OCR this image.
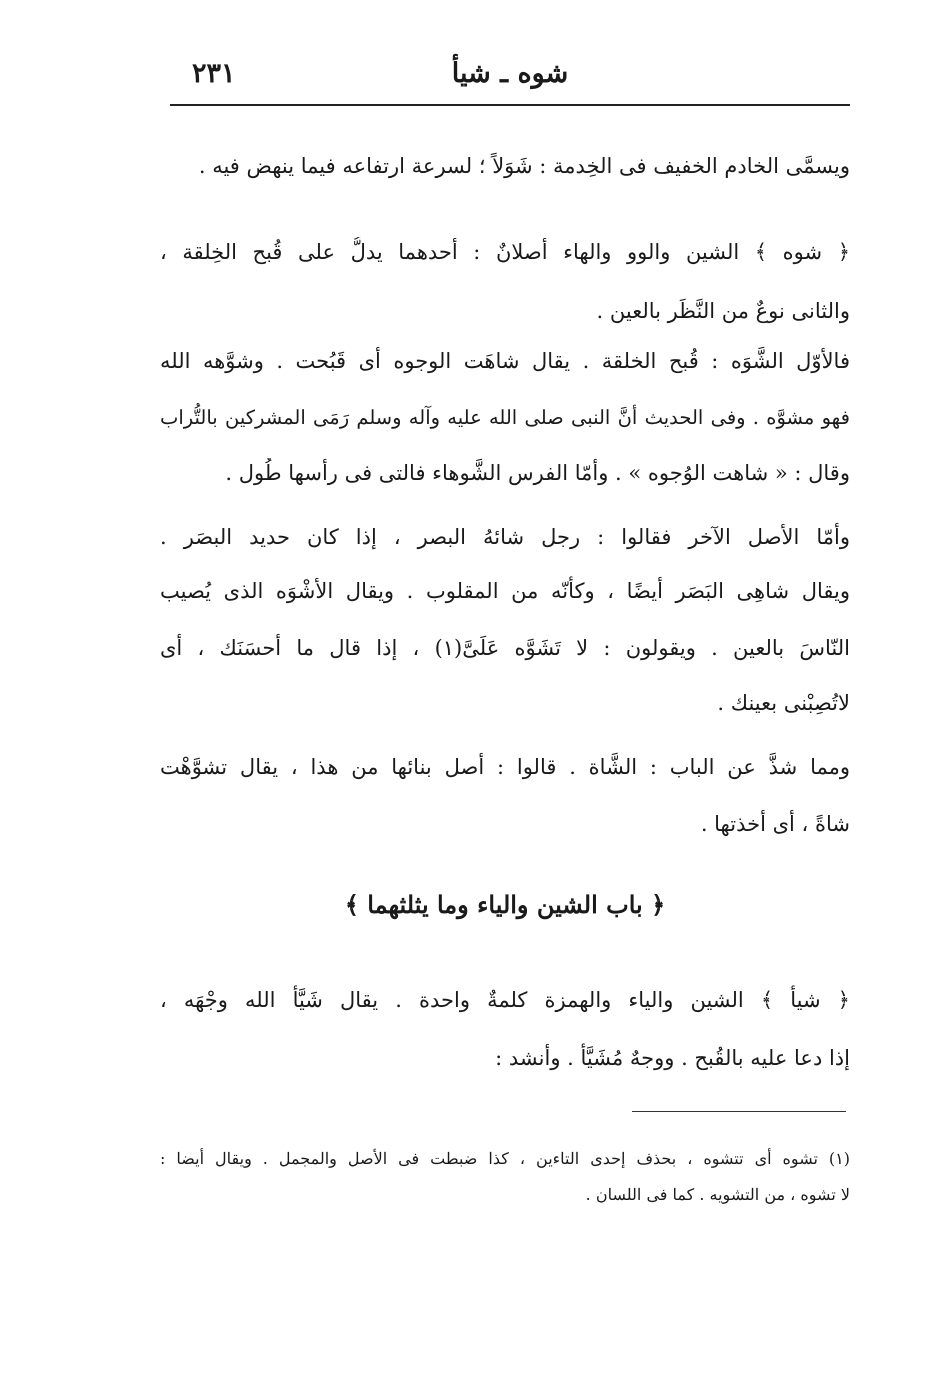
٢٣١	شوه ـ شيأ
ويسمَّى الخادم الخفيف فى الخِدمة : شَوَلاً ؛ لسرعة ارتفاعه فيما ينهض فيه .
﴿ شوه ﴾ الشين والوو والهاء أصلانٌ : أحدهما يدلُّ على قُبح الخِلقة ،
والثانى نوعٌ من النَّظَر بالعين .
فالأوّل الشَّوَه : قُبح الخلقة . يقال شاهَت الوجوه أى قَبُحت . وشوَّهه الله
فهو مشوَّه . وفى الحديث أنَّ النبى صلى الله عليه وآله وسلم رَمَى المشركين بالتُّراب
وقال : « شاهت الوُجوه » . وأمّا الفرس الشَّوهاء فالتى فى رأسها طُول .
وأمّا الأصل الآخر فقالوا : رجل شائهُ البصر ، إذا كان حديد البصَر .
ويقال شاهِى البَصَر أيضًا ، وكأنّه من المقلوب . ويقال الأشْوَه الذى يُصيب
النّاسَ بالعين . ويقولون : لا تَشَوَّه عَلَىَّ(١) ، إذا قال ما أحسَنَك ، أى
لاتُصِبْنى بعينك .
ومما شذَّ عن الباب : الشَّاة . قالوا : أصل بنائها من هذا ، يقال تشوَّهْت
شاةً ، أى أخذتها .
﴿ باب الشين والياء وما يثلثهما ﴾
﴿ شيأ ﴾ الشين والياء والهمزة كلمةٌ واحدة . يقال شَيَّأ الله وجْهَه ،
إذا دعا عليه بالقُبح . ووجهٌ مُشَيَّأٌ . وأنشد :
(١) تشوه أى تتشوه ، بحذف إحدى التاءين ، كذا ضبطت فى الأصل والمجمل . ويقال أيضا :
لا تشوه ، من التشويه . كما فى اللسان .
